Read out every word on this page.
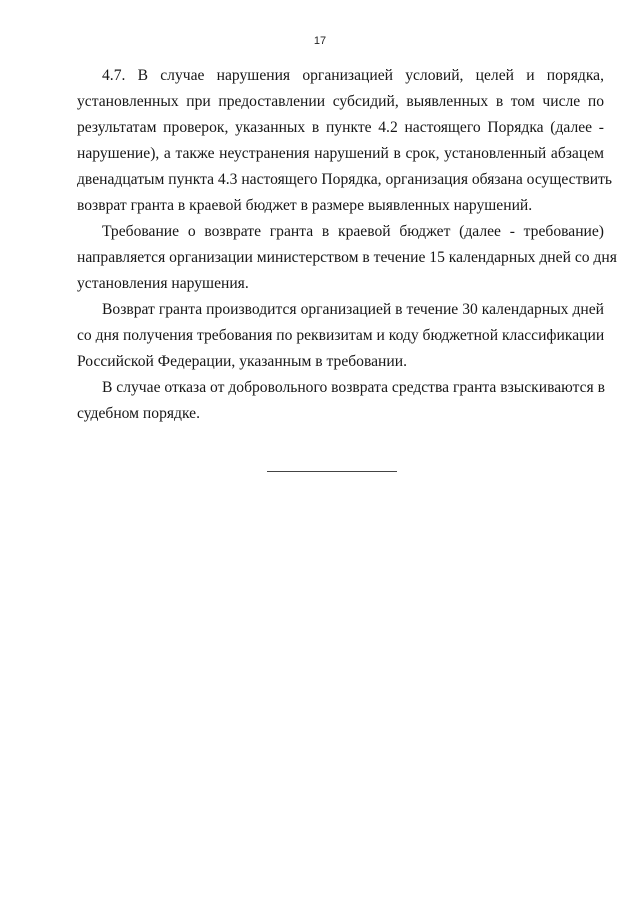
17
4.7. В случае нарушения организацией условий, целей и порядка,
установленных при предоставлении субсидий, выявленных в том числе по
результатам проверок, указанных в пункте 4.2 настоящего Порядка (далее -
нарушение), а также неустранения нарушений в срок, установленный абзацем
двенадцатым пункта 4.3 настоящего Порядка, организация обязана осуществить
возврат гранта в краевой бюджет в размере выявленных нарушений.
Требование о возврате гранта в краевой бюджет (далее - требование)
направляется организации министерством в течение 15 календарных дней со дня
установления нарушения.
Возврат гранта производится организацией в течение 30 календарных дней
со дня получения требования по реквизитам и коду бюджетной классификации
Российской Федерации, указанным в требовании.
В случае отказа от добровольного возврата средства гранта взыскиваются в
судебном порядке.
